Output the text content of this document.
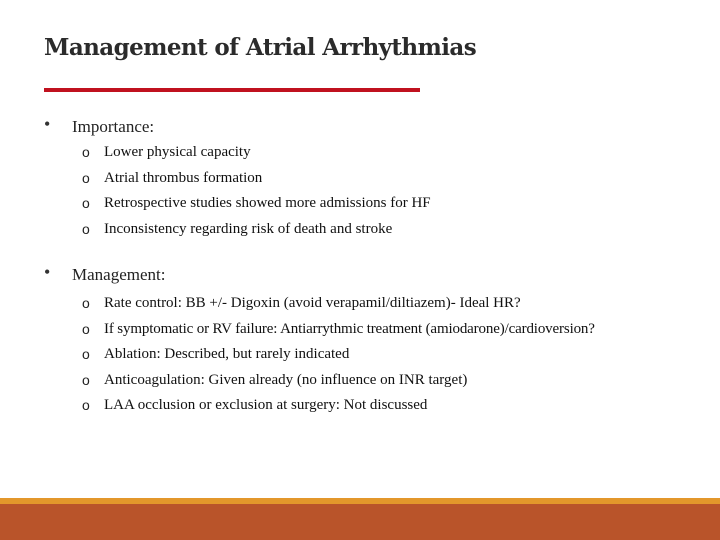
Management of Atrial Arrhythmias
• Importance:
o Lower physical capacity
o Atrial thrombus formation
o Retrospective studies showed more admissions for HF
o Inconsistency regarding risk of death and stroke
• Management:
o Rate control: BB +/- Digoxin (avoid verapamil/diltiazem)- Ideal HR?
o If symptomatic or RV failure: Antiarrythmic treatment (amiodarone)/cardioversion?
o Ablation: Described, but rarely indicated
o Anticoagulation: Given already (no influence on INR target)
o LAA occlusion or exclusion at surgery: Not discussed
